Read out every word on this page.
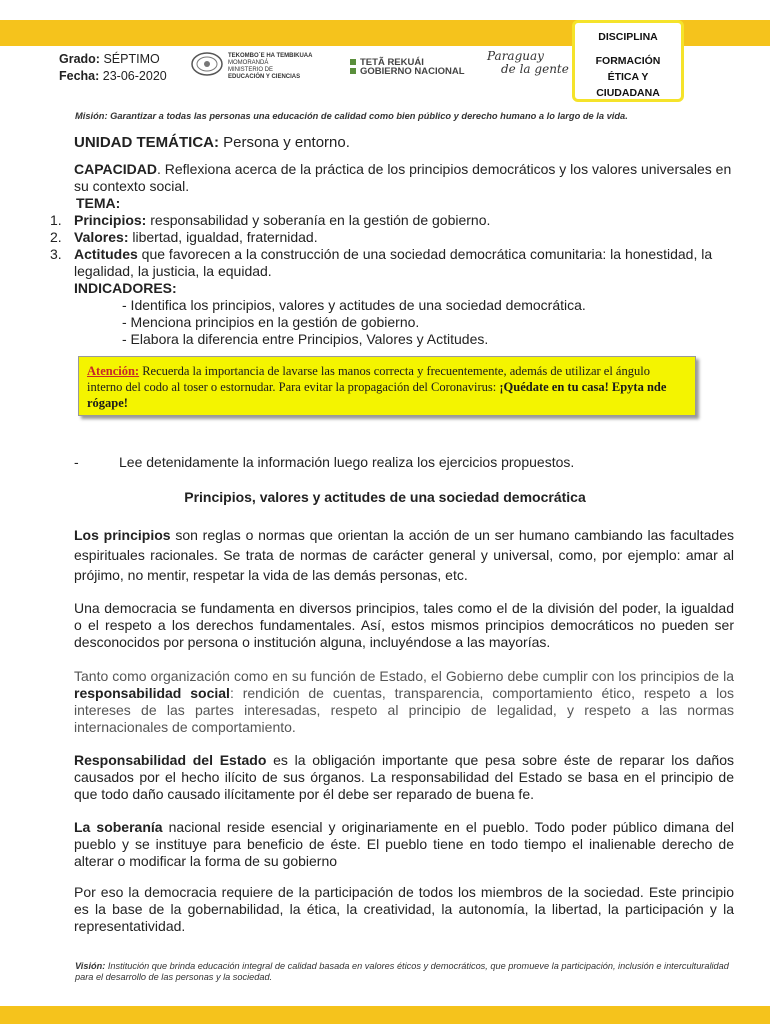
Grado: SÉPTIMO
Fecha: 23-06-2020
TEKOMBO´E HA TEMBIKUAA
MOMORANDÁ
MINISTERIO DE
EDUCACIÓN Y CIENCIAS
TETÃ REKUÁI
GOBIERNO NACIONAL
Paraguay
de la gente
DISCIPLINA
FORMACIÓN
ÉTICA Y
CIUDADANA
Misión: Garantizar a todas las personas una educación de calidad como bien público y derecho humano a lo largo de la vida.
UNIDAD TEMÁTICA: Persona y entorno.
CAPACIDAD. Reflexiona acerca de la práctica de los principios democráticos y los valores universales en su contexto social.
TEMA:
1. Principios: responsabilidad y soberanía en la gestión de gobierno.
2. Valores: libertad, igualdad, fraternidad.
3. Actitudes que favorecen a la construcción de una sociedad democrática comunitaria: la honestidad, la legalidad, la justicia, la equidad.
INDICADORES:
- Identifica los principios, valores y actitudes de una sociedad democrática.
- Menciona principios en la gestión de gobierno.
- Elabora la diferencia entre Principios, Valores y Actitudes.

Atención: Recuerda la importancia de lavarse las manos correcta y frecuentemente, además de utilizar el ángulo interno del codo al toser o estornudar. Para evitar la propagación del Coronavirus: ¡Quédate en tu casa! Epyta nde rógape!

-	Lee detenidamente la información luego realiza los ejercicios propuestos.
Principios, valores y actitudes de una sociedad democrática

Los principios son reglas o normas que orientan la acción de un ser humano cambiando las facultades espirituales racionales. Se trata de normas de carácter general y universal, como, por ejemplo: amar al prójimo, no mentir, respetar la vida de las demás personas, etc.

Una democracia se fundamenta en diversos principios, tales como el de la división del poder, la igualdad o el respeto a los derechos fundamentales. Así, estos mismos principios democráticos no pueden ser desconocidos por persona o institución alguna, incluyéndose a las mayorías.

Tanto como organización como en su función de Estado, el Gobierno debe cumplir con los principios de la responsabilidad social: rendición de cuentas, transparencia, comportamiento ético, respeto a los intereses de las partes interesadas, respeto al principio de legalidad, y respeto a las normas internacionales de comportamiento.

Responsabilidad del Estado es la obligación importante que pesa sobre éste de reparar los daños causados por el hecho ilícito de sus órganos. La responsabilidad del Estado se basa en el principio de que todo daño causado ilícitamente por él debe ser reparado de buena fe.

La soberanía nacional reside esencial y originariamente en el pueblo. Todo poder público dimana del pueblo y se instituye para beneficio de éste. El pueblo tiene en todo tiempo el inalienable derecho de alterar o modificar la forma de su gobierno

Por eso la democracia requiere de la participación de todos los miembros de la sociedad. Este principio es la base de la gobernabilidad, la ética, la creatividad, la autonomía, la libertad, la participación y la representatividad.

Visión: Institución que brinda educación integral de calidad basada en valores éticos y democráticos, que promueve la participación, inclusión e interculturalidad para el desarrollo de las personas y la sociedad.
